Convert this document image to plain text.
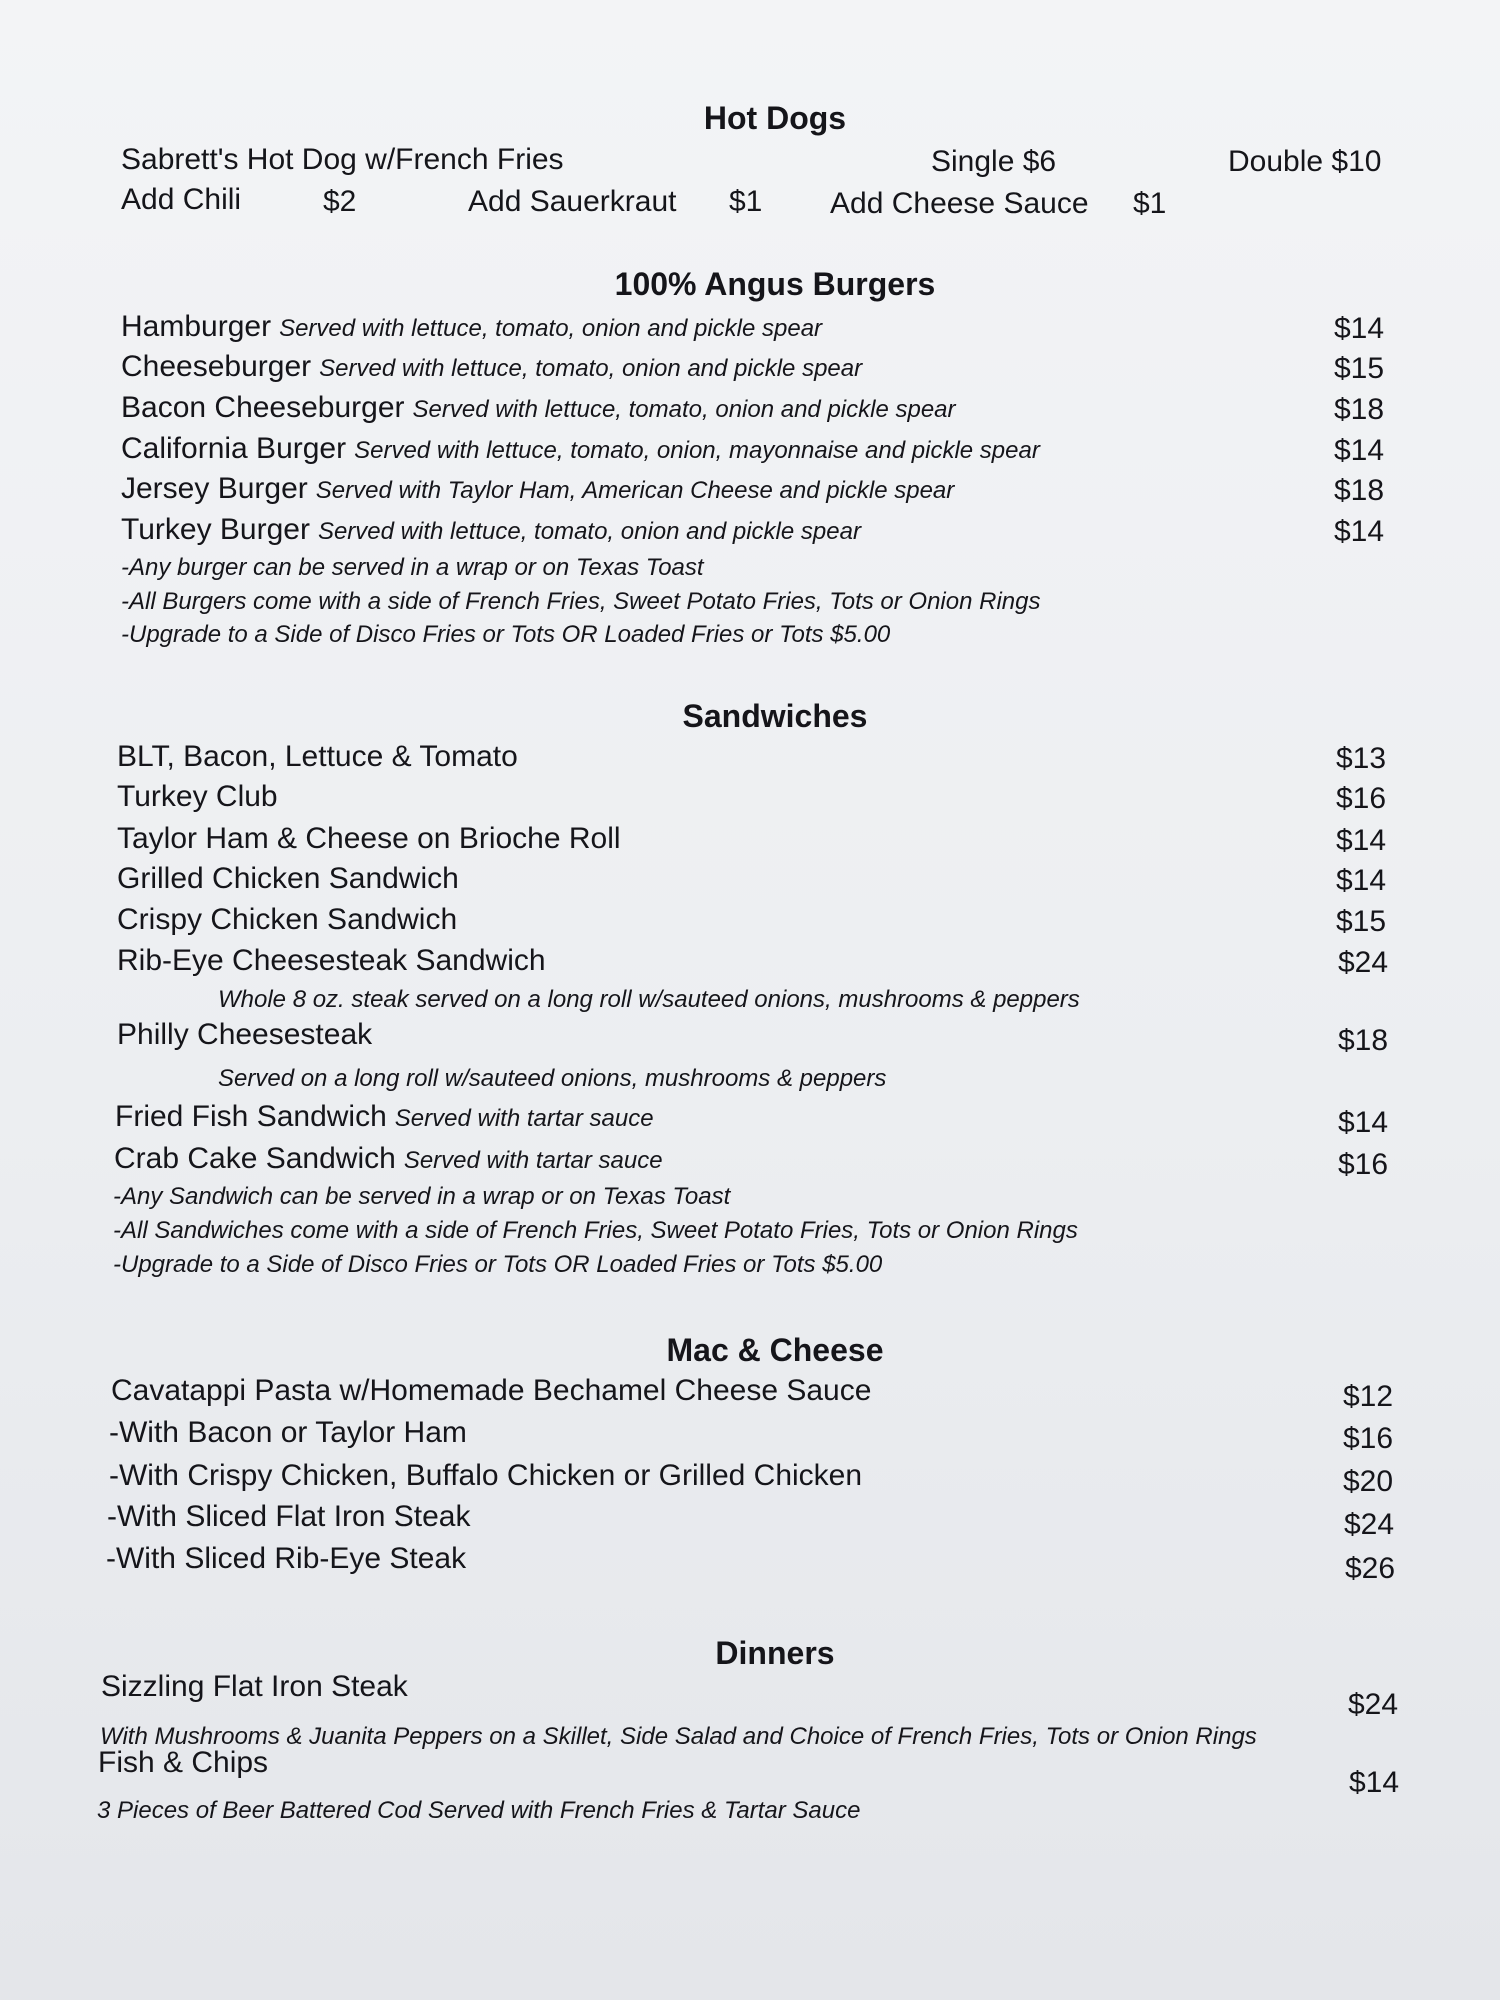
Hot Dogs
Sabrett's Hot Dog w/French Fries	Single $6	Double $10
Add Chili	$2	Add Sauerkraut $1 Add Cheese Sauce $1
100% Angus Burgers
Hamburger Served with lettuce, tomato, onion and pickle spear	$14
Cheeseburger Served with lettuce, tomato, onion and pickle spear	$15
Bacon Cheeseburger Served with lettuce, tomato, onion and pickle spear	$18
California Burger Served with lettuce, tomato, onion, mayonnaise and pickle spear	$14
Jersey Burger Served with Taylor Ham, American Cheese and pickle spear	$18
Turkey Burger Served with lettuce, tomato, onion and pickle spear	$14
-Any burger can be served in a wrap or on Texas Toast
-All Burgers come with a side of French Fries, Sweet Potato Fries, Tots or Onion Rings
-Upgrade to a Side of Disco Fries or Tots OR Loaded Fries or Tots $5.00
Sandwiches
BLT, Bacon, Lettuce & Tomato	$13
Turkey Club	$16
Taylor Ham & Cheese on Brioche Roll	$14
Grilled Chicken Sandwich	$14
Crispy Chicken Sandwich	$15
Rib-Eye Cheesesteak Sandwich	$24
Whole 8 oz. steak served on a long roll w/sauteed onions, mushrooms & peppers
Philly Cheesesteak	$18
Served on a long roll w/sauteed onions, mushrooms & peppers
Fried Fish Sandwich Served with tartar sauce	$14
Crab Cake Sandwich Served with tartar sauce	$16
-Any Sandwich can be served in a wrap or on Texas Toast
-All Sandwiches come with a side of French Fries, Sweet Potato Fries, Tots or Onion Rings
-Upgrade to a Side of Disco Fries or Tots OR Loaded Fries or Tots $5.00
Mac & Cheese
Cavatappi Pasta w/Homemade Bechamel Cheese Sauce	$12
-With Bacon or Taylor Ham	$16
-With Crispy Chicken, Buffalo Chicken or Grilled Chicken	$20
-With Sliced Flat Iron Steak	$24
-With Sliced Rib-Eye Steak	$26
Dinners
Sizzling Flat Iron Steak
$24
With Mushrooms & Juanita Peppers on a Skillet, Side Salad and Choice of French Fries, Tots or Onion Rings
Fish & Chips
$14
3 Pieces of Beer Battered Cod Served with French Fries & Tartar Sauce
